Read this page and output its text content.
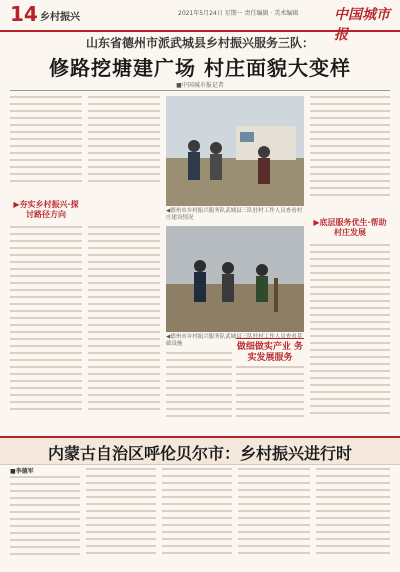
14 乡村振兴	2021年5月24日 星期一 责任编辑 · 美术编辑	中国城市报
山东省德州市派武城县乡村振兴服务三队：
修路挖塘建广场 村庄面貌大变样
■中国城市报记者
▶夯实乡村振兴·探讨路径方向	◀德州市乡村振兴服务队武城县三队驻村工作人员查看村庄建设情况
◀德州市乡村振兴服务队武城县三队驻村工作人员查看基础设施	做细做实产业 务实发展服务
▶底层服务优生·帮助村庄发展
内蒙古自治区呼伦贝尔市：乡村振兴进行时
■李德军
